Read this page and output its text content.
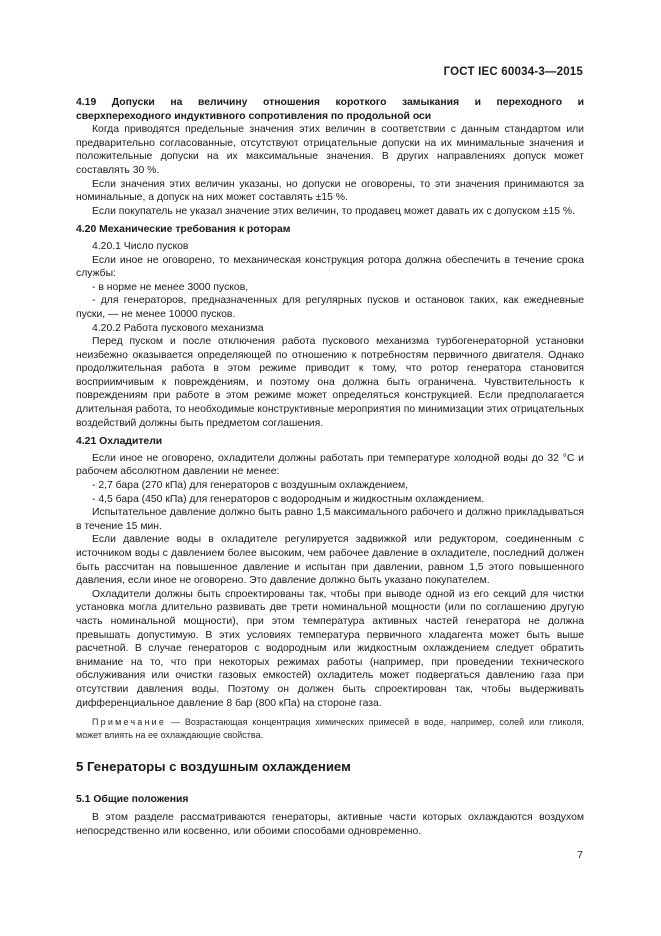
ГОСТ IEC 60034-3—2015

4.19 Допуски на величину отношения короткого замыкания и переходного и

сверхпереходного индуктивного сопротивления по продольной оси

Когда приводятся предельные значения этих величин в соответствии с данным стандартом или предварительно согласованные, отсутствуют отрицательные допуски на их минимальные значения и положительные допуски на их максимальные значения. В других направлениях допуск может составлять 30 %.

Если значения этих величин указаны, но допуски не оговорены, то эти значения принимаются за номинальные, а допуск на них может составлять ±15 %.

Если покупатель не указал значение этих величин, то продавец может давать их с допуском ±15 %.

4.20 Механические требования к роторам

4.20.1 Число пусков

Если иное не оговорено, то механическая конструкция ротора должна обеспечить в течение срока службы:

- в норме не менее 3000 пусков,

- для генераторов, предназначенных для регулярных пусков и остановок таких, как ежедневные пуски, — не менее 10000 пусков.

4.20.2 Работа пускового механизма

Перед пуском и после отключения работа пускового механизма турбогенераторной установки неизбежно оказывается определяющей по отношению к потребностям первичного двигателя. Однако продолжительная работа в этом режиме приводит к тому, что ротор генератора становится восприимчивым к повреждениям, и поэтому она должна быть ограничена. Чувствительность к повреждениям при работе в этом режиме может определяться конструкцией. Если предполагается длительная работа, то необходимые конструктивные мероприятия по минимизации этих отрицательных воздействий должны быть предметом соглашения.

4.21 Охладители

Если иное не оговорено, охладители должны работать при температуре холодной воды до 32 °С и рабочем абсолютном давлении не менее:

- 2,7 бара (270 кПа) для генераторов с воздушным охлаждением,

- 4,5 бара (450 кПа) для генераторов с водородным и жидкостным охлаждением.

Испытательное давление должно быть равно 1,5 максимального рабочего и должно прикладываться в течение 15 мин.

Если давление воды в охладителе регулируется задвижкой или редуктором, соединенным с источником воды с давлением более высоким, чем рабочее давление в охладителе, последний должен быть рассчитан на повышенное давление и испытан при давлении, равном 1,5 этого повышенного давления, если иное не оговорено. Это давление должно быть указано покупателем.

Охладители должны быть спроектированы так, чтобы при выводе одной из его секций для чистки установка могла длительно развивать две трети номинальной мощности (или по соглашению другую часть номинальной мощности), при этом температура активных частей генератора не должна превышать допустимую. В этих условиях температура первичного хладагента может быть выше расчетной. В случае генераторов с водородным или жидкостным охлаждением следует обратить внимание на то, что при некоторых режимах работы (например, при проведении технического обслуживания или очистки газовых емкостей) охладитель может подвергаться давлению газа при отсутствии давления воды. Поэтому он должен быть спроектирован так, чтобы выдерживать дифференциальное давление 8 бар (800 кПа) на стороне газа.

Примечание — Возрастающая концентрация химических примесей в воде, например, солей или гликоля, может влиять на ее охлаждающие свойства.

5 Генераторы с воздушным охлаждением

5.1 Общие положения

В этом разделе рассматриваются генераторы, активные части которых охлаждаются воздухом непосредственно или косвенно, или обоими способами одновременно.

7
